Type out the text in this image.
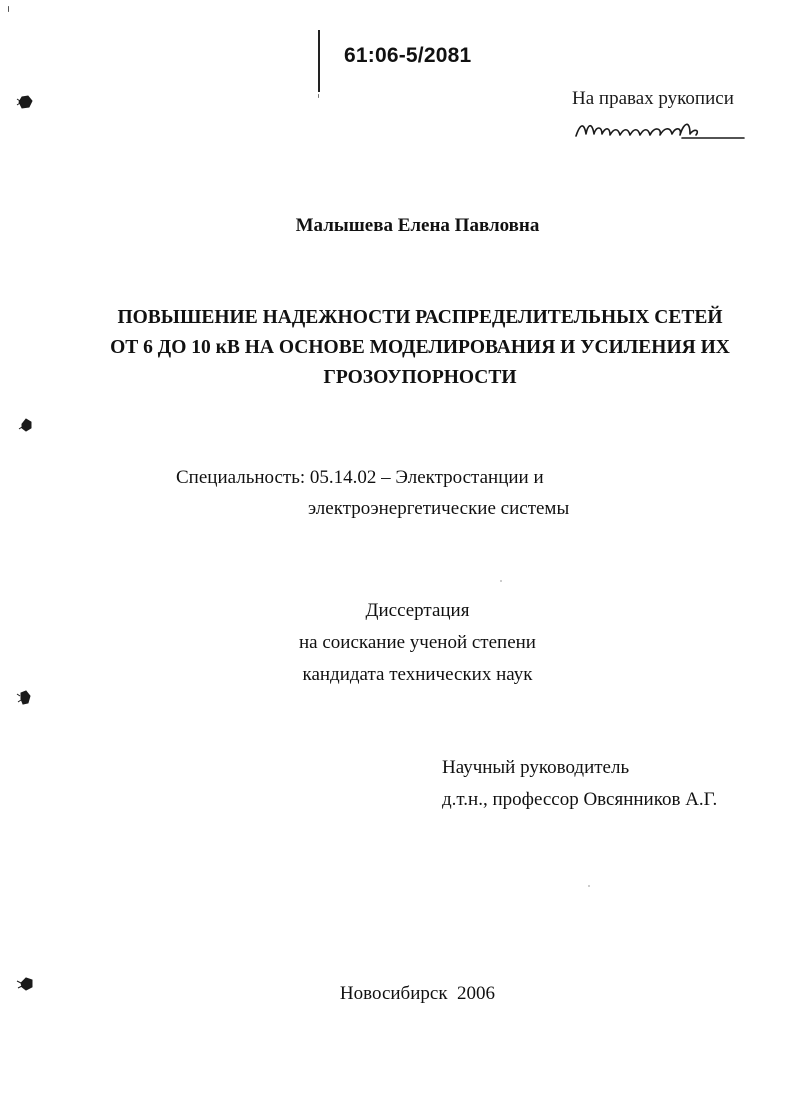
61:06-5/2081
На правах рукописи
Малышева Елена Павловна
ПОВЫШЕНИЕ НАДЕЖНОСТИ РАСПРЕДЕЛИТЕЛЬНЫХ СЕТЕЙ
ОТ 6 ДО 10 кВ НА ОСНОВЕ МОДЕЛИРОВАНИЯ И УСИЛЕНИЯ ИХ
ГРОЗОУПОРНОСТИ
Специальность: 05.14.02 – Электростанции и
электроэнергетические системы
Диссертация
на соискание ученой степени
кандидата технических наук
Научный руководитель
д.т.н., профессор Овсянников А.Г.
Новосибирск  2006
